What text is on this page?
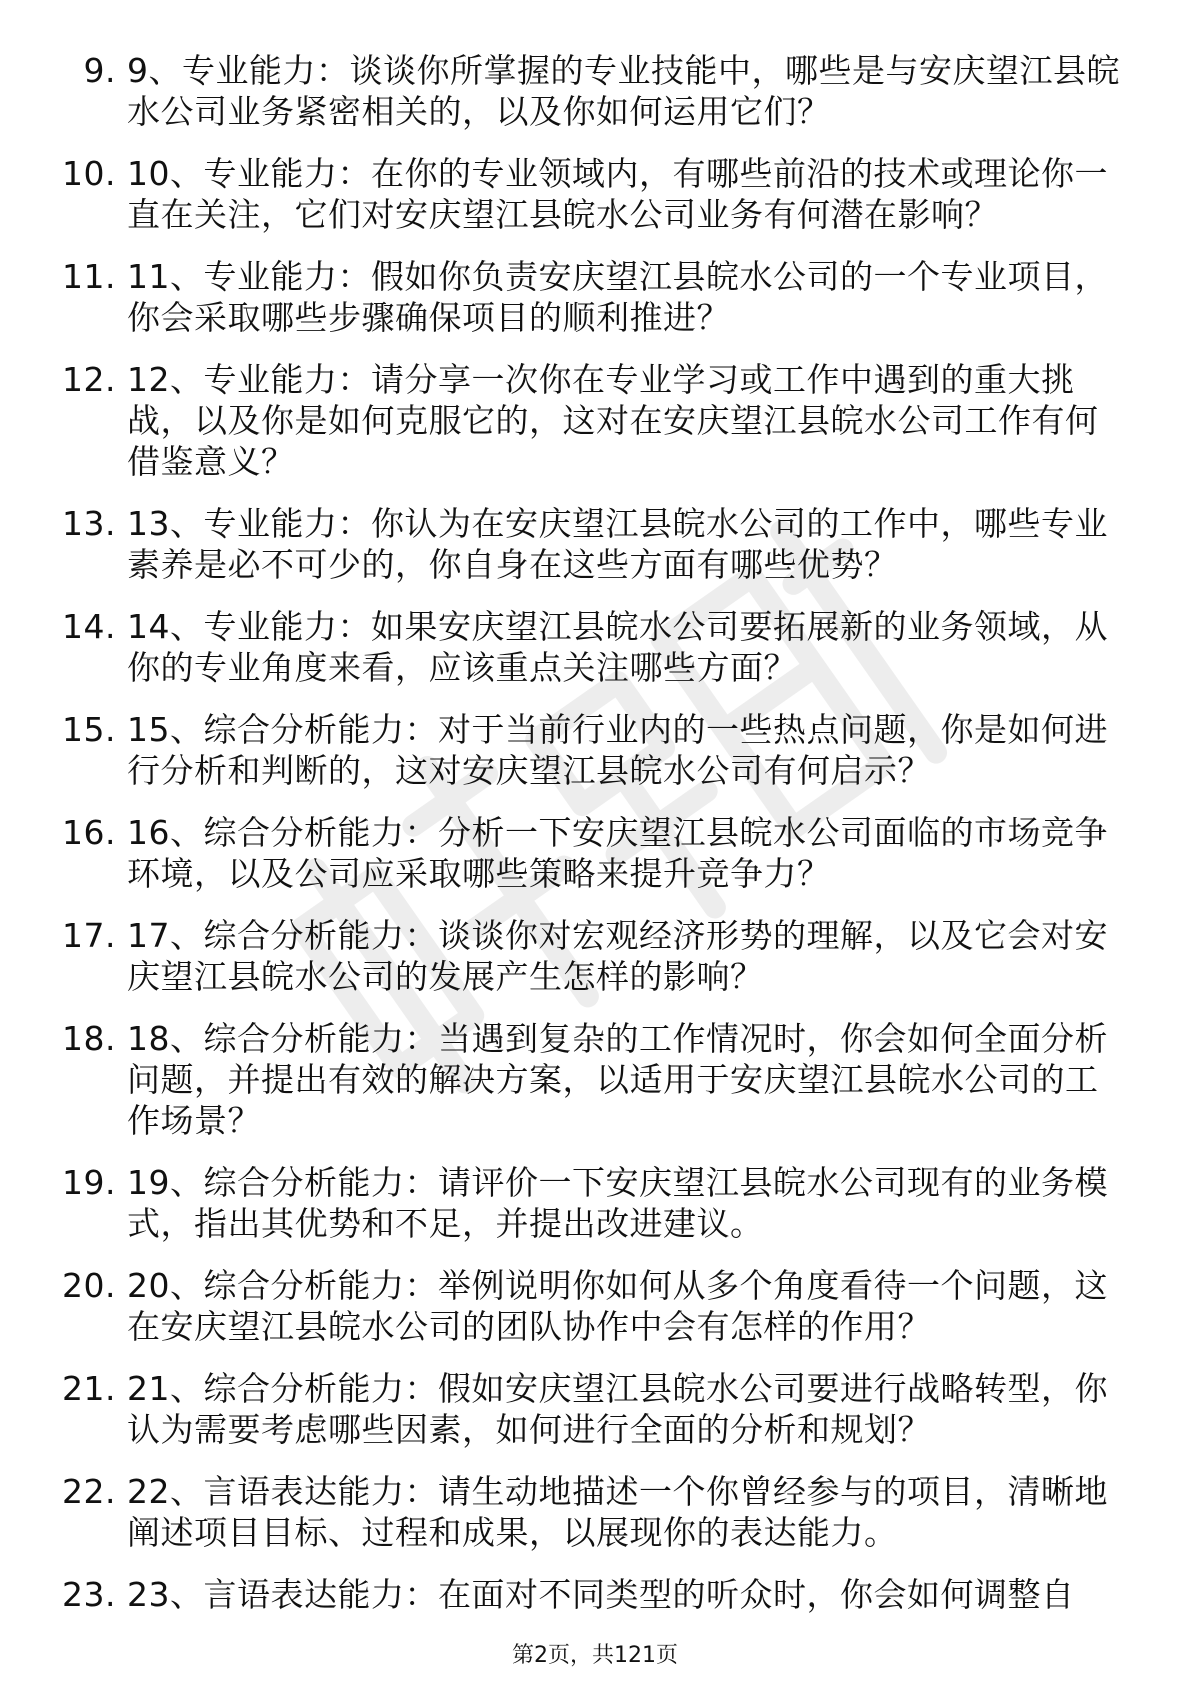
9. 9、专业能力：谈谈你所掌握的专业技能中，哪些是与安庆望江县皖水公司业务紧密相关的，以及你如何运用它们？
10. 10、专业能力：在你的专业领域内，有哪些前沿的技术或理论你一直在关注，它们对安庆望江县皖水公司业务有何潜在影响？
11. 11、专业能力：假如你负责安庆望江县皖水公司的一个专业项目，你会采取哪些步骤确保项目的顺利推进？
12. 12、专业能力：请分享一次你在专业学习或工作中遇到的重大挑战，以及你是如何克服它的，这对在安庆望江县皖水公司工作有何借鉴意义？
13. 13、专业能力：你认为在安庆望江县皖水公司的工作中，哪些专业素养是必不可少的，你自身在这些方面有哪些优势？
14. 14、专业能力：如果安庆望江县皖水公司要拓展新的业务领域，从你的专业角度来看，应该重点关注哪些方面？
15. 15、综合分析能力：对于当前行业内的一些热点问题，你是如何进行分析和判断的，这对安庆望江县皖水公司有何启示？
16. 16、综合分析能力：分析一下安庆望江县皖水公司面临的市场竞争环境，以及公司应采取哪些策略来提升竞争力？
17. 17、综合分析能力：谈谈你对宏观经济形势的理解，以及它会对安庆望江县皖水公司的发展产生怎样的影响？
18. 18、综合分析能力：当遇到复杂的工作情况时，你会如何全面分析问题，并提出有效的解决方案，以适用于安庆望江县皖水公司的工作场景？
19. 19、综合分析能力：请评价一下安庆望江县皖水公司现有的业务模式，指出其优势和不足，并提出改进建议。
20. 20、综合分析能力：举例说明你如何从多个角度看待一个问题，这在安庆望江县皖水公司的团队协作中会有怎样的作用？
21. 21、综合分析能力：假如安庆望江县皖水公司要进行战略转型，你认为需要考虑哪些因素，如何进行全面的分析和规划？
22. 22、言语表达能力：请生动地描述一个你曾经参与的项目，清晰地阐述项目目标、过程和成果，以展现你的表达能力。
23. 23、言语表达能力：在面对不同类型的听众时，你会如何调整自
第2页，共121页
